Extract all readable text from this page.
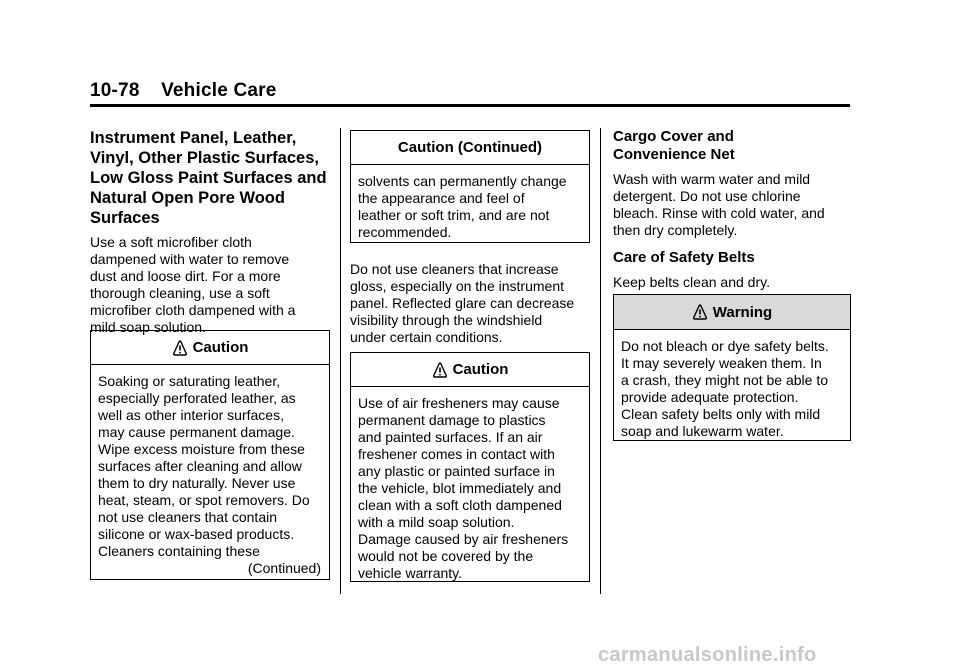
10-78 Vehicle Care
Instrument Panel, Leather,
Vinyl, Other Plastic Surfaces,
Low Gloss Paint Surfaces and
Natural Open Pore Wood
Surfaces
Use a soft microfiber cloth
dampened with water to remove
dust and loose dirt. For a more
thorough cleaning, use a soft
microfiber cloth dampened with a
mild soap solution.
Caution
Soaking or saturating leather,
especially perforated leather, as
well as other interior surfaces,
may cause permanent damage.
Wipe excess moisture from these
surfaces after cleaning and allow
them to dry naturally. Never use
heat, steam, or spot removers. Do
not use cleaners that contain
silicone or wax-based products.
Cleaners containing these
(Continued)
Caution (Continued)
solvents can permanently change
the appearance and feel of
leather or soft trim, and are not
recommended.
Do not use cleaners that increase
gloss, especially on the instrument
panel. Reflected glare can decrease
visibility through the windshield
under certain conditions.
Caution
Use of air fresheners may cause
permanent damage to plastics
and painted surfaces. If an air
freshener comes in contact with
any plastic or painted surface in
the vehicle, blot immediately and
clean with a soft cloth dampened
with a mild soap solution.
Damage caused by air fresheners
would not be covered by the
vehicle warranty.
Cargo Cover and
Convenience Net
Wash with warm water and mild
detergent. Do not use chlorine
bleach. Rinse with cold water, and
then dry completely.
Care of Safety Belts
Keep belts clean and dry.
Warning
Do not bleach or dye safety belts.
It may severely weaken them. In
a crash, they might not be able to
provide adequate protection.
Clean safety belts only with mild
soap and lukewarm water.
carmanualsonline.info
